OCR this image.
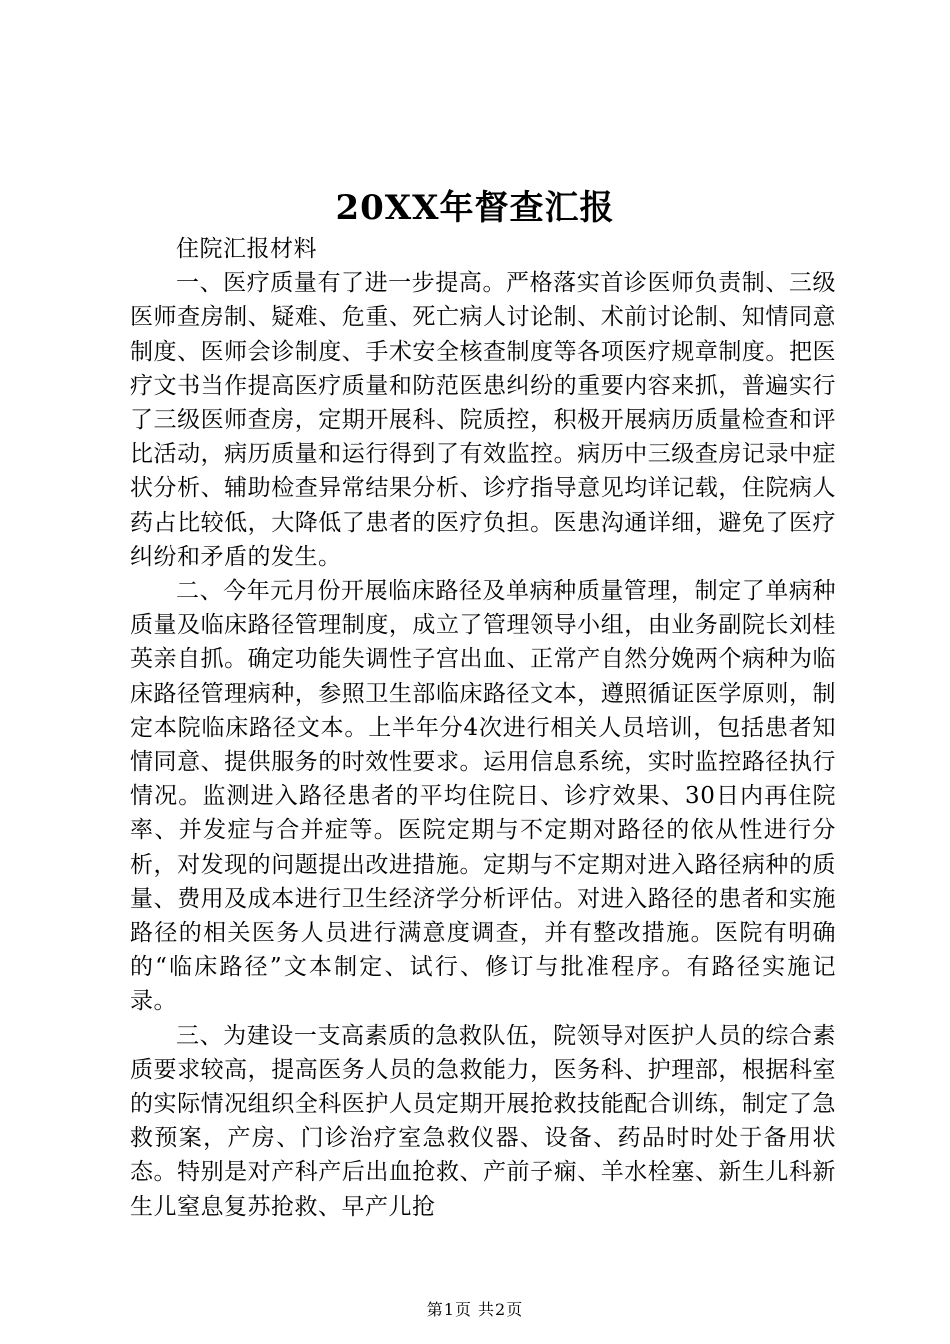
20XX年督查汇报

住院汇报材料

一、医疗质量有了进一步提高。严格落实首诊医师负责制、三级医师查房制、疑难、危重、死亡病人讨论制、术前讨论制、知情同意制度、医师会诊制度、手术安全核查制度等各项医疗规章制度。把医疗文书当作提高医疗质量和防范医患纠纷的重要内容来抓，普遍实行了三级医师查房，定期开展科、院质控，积极开展病历质量检查和评比活动，病历质量和运行得到了有效监控。病历中三级查房记录中症状分析、辅助检查异常结果分析、诊疗指导意见均详记载，住院病人药占比较低，大降低了患者的医疗负担。医患沟通详细，避免了医疗纠纷和矛盾的发生。

二、今年元月份开展临床路径及单病种质量管理，制定了单病种质量及临床路径管理制度，成立了管理领导小组，由业务副院长刘桂英亲自抓。确定功能失调性子宫出血、正常产自然分娩两个病种为临床路径管理病种，参照卫生部临床路径文本，遵照循证医学原则，制定本院临床路径文本。上半年分4次进行相关人员培训，包括患者知情同意、提供服务的时效性要求。运用信息系统，实时监控路径执行情况。监测进入路径患者的平均住院日、诊疗效果、30日内再住院率、并发症与合并症等。医院定期与不定期对路径的依从性进行分析，对发现的问题提出改进措施。定期与不定期对进入路径病种的质量、费用及成本进行卫生经济学分析评估。对进入路径的患者和实施路径的相关医务人员进行满意度调查，并有整改措施。医院有明确的“临床路径”文本制定、试行、修订与批准程序。有路径实施记录。

三、为建设一支高素质的急救队伍，院领导对医护人员的综合素质要求较高，提高医务人员的急救能力，医务科、护理部，根据科室的实际情况组织全科医护人员定期开展抢救技能配合训练，制定了急救预案，产房、门诊治疗室急救仪器、设备、药品时时处于备用状态。特别是对产科产后出血抢救、产前子痫、羊水栓塞、新生儿科新生儿窒息复苏抢救、早产儿抢

第1页 共2页
